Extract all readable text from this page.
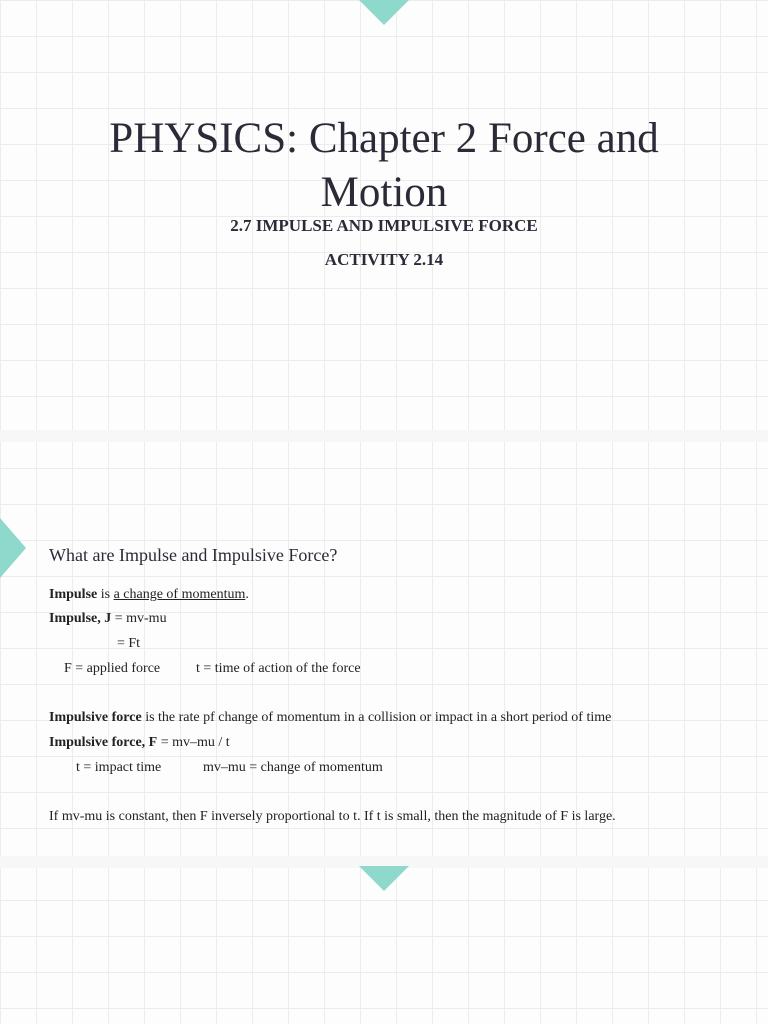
PHYSICS: Chapter 2 Force and Motion

2.7 IMPULSE AND IMPULSIVE FORCE

ACTIVITY 2.14

What are Impulse and Impulsive Force?
Impulse is a change of momentum.
Impulse, J = mv-mu
= Ft
F = applied force	t = time of action of the force
Impulsive force is the rate pf change of momentum in a collision or impact in a short period of time
Impulsive force, F = mv–mu / t
t = impact time	mv–mu = change of momentum
If mv-mu is constant, then F inversely proportional to t. If t is small, then the magnitude of F is large.
